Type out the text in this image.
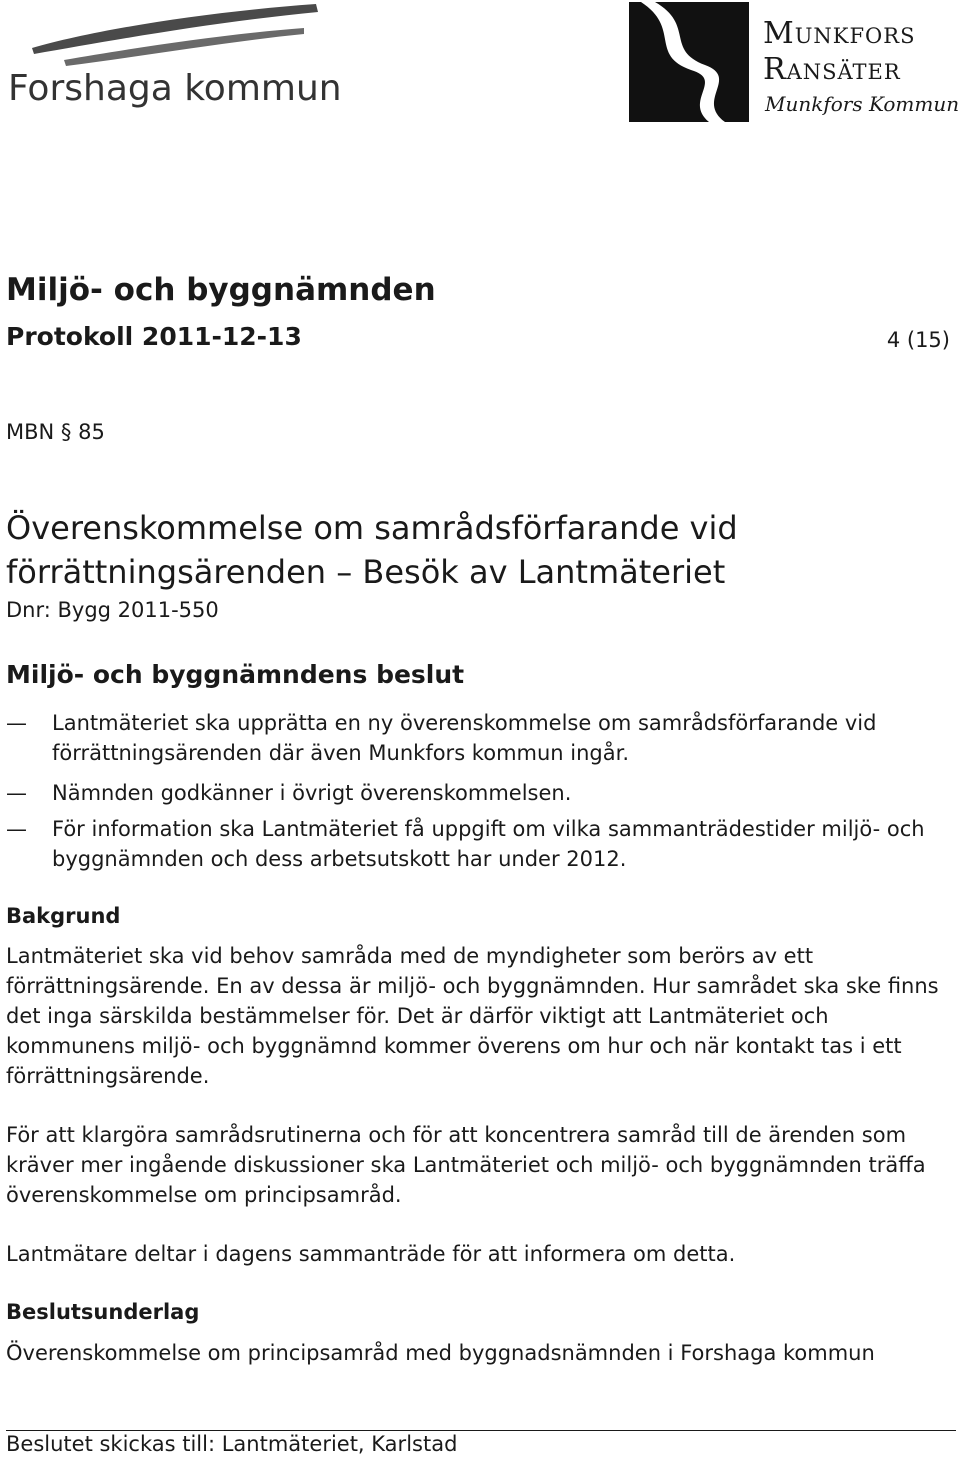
Forshaga kommun
Munkfors
Ransäter
Munkfors Kommun
Miljö- och byggnämnden
Protokoll 2011-12-13	4 (15)
MBN § 85
Överenskommelse om samrådsförfarande vid förrättningsärenden – Besök av Lantmäteriet
Dnr: Bygg 2011-550
Miljö- och byggnämndens beslut
—	Lantmäteriet ska upprätta en ny överenskommelse om samrådsförfarande vid förrättningsärenden där även Munkfors kommun ingår.
—	Nämnden godkänner i övrigt överenskommelsen.
—	För information ska Lantmäteriet få uppgift om vilka sammanträdestider miljö- och byggnämnden och dess arbetsutskott har under 2012.
Bakgrund
Lantmäteriet ska vid behov samråda med de myndigheter som berörs av ett förrättningsärende. En av dessa är miljö- och byggnämnden. Hur samrådet ska ske finns det inga särskilda bestämmelser för. Det är därför viktigt att Lantmäteriet och kommunens miljö- och byggnämnd kommer överens om hur och när kontakt tas i ett förrättningsärende.
För att klargöra samrådsrutinerna och för att koncentrera samråd till de ärenden som kräver mer ingående diskussioner ska Lantmäteriet och miljö- och byggnämnden träffa överenskommelse om principsamråd.
Lantmätare deltar i dagens sammanträde för att informera om detta.
Beslutsunderlag
Överenskommelse om principsamråd med byggnadsnämnden i Forshaga kommun
Beslutet skickas till: Lantmäteriet, Karlstad
